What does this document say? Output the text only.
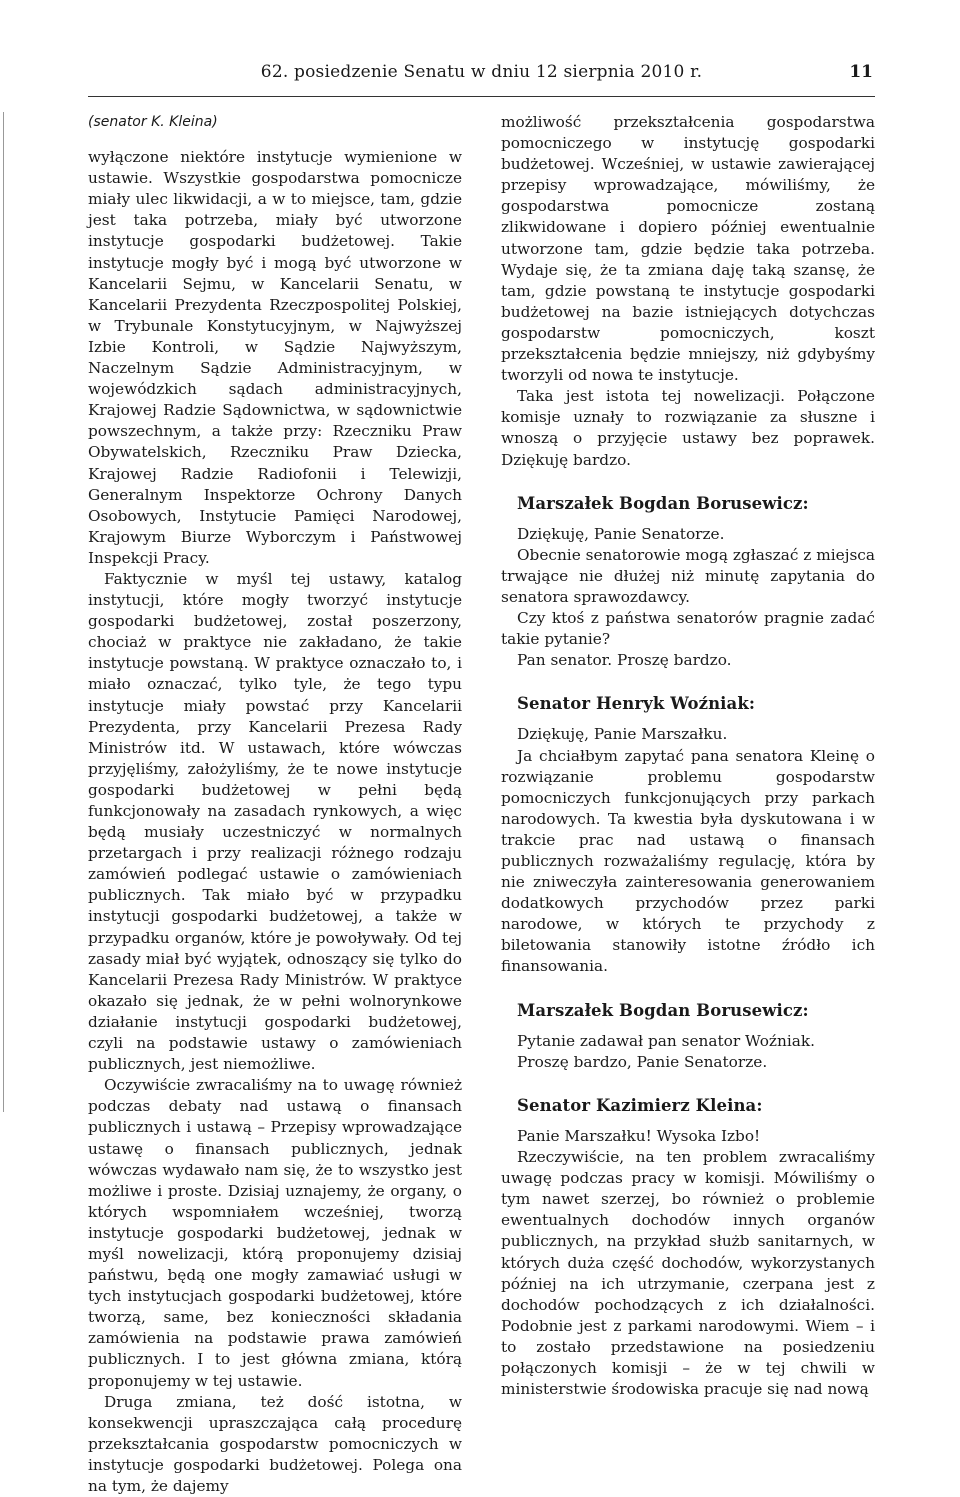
62. posiedzenie Senatu w dniu 12 sierpnia 2010 r.	11

(senator K. Kleina)

wyłączone niektóre instytucje wymienione w ustawie. Wszystkie gospodarstwa pomocnicze miały ulec likwidacji, a w to miejsce, tam, gdzie jest taka potrzeba, miały być utworzone instytucje gospodarki budżetowej. Takie instytucje mogły być i mogą być utworzone w Kancelarii Sejmu, w Kancelarii Senatu, w Kancelarii Prezydenta Rzeczpospolitej Polskiej, w Trybunale Konstytucyjnym, w Najwyższej Izbie Kontroli, w Sądzie Najwyższym, Naczelnym Sądzie Administracyjnym, w wojewódzkich sądach administracyjnych, Krajowej Radzie Sądownictwa, w sądownictwie powszechnym, a także przy: Rzeczniku Praw Obywatelskich, Rzeczniku Praw Dziecka, Krajowej Radzie Radiofonii i Telewizji, Generalnym Inspektorze Ochrony Danych Osobowych, Instytucie Pamięci Narodowej, Krajowym Biurze Wyborczym i Państwowej Inspekcji Pracy.

Faktycznie w myśl tej ustawy, katalog instytucji, które mogły tworzyć instytucje gospodarki budżetowej, został poszerzony, chociaż w praktyce nie zakładano, że takie instytucje powstaną. W praktyce oznaczało to, i miało oznaczać, tylko tyle, że tego typu instytucje miały powstać przy Kancelarii Prezydenta, przy Kancelarii Prezesa Rady Ministrów itd. W ustawach, które wówczas przyjęliśmy, założyliśmy, że te nowe instytucje gospodarki budżetowej w pełni będą funkcjonowały na zasadach rynkowych, a więc będą musiały uczestniczyć w normalnych przetargach i przy realizacji różnego rodzaju zamówień podlegać ustawie o zamówieniach publicznych. Tak miało być w przypadku instytucji gospodarki budżetowej, a także w przypadku organów, które je powoływały. Od tej zasady miał być wyjątek, odnoszący się tylko do Kancelarii Prezesa Rady Ministrów. W praktyce okazało się jednak, że w pełni wolnorynkowe działanie instytucji gospodarki budżetowej, czyli na podstawie ustawy o zamówieniach publicznych, jest niemożliwe.

Oczywiście zwracaliśmy na to uwagę również podczas debaty nad ustawą o finansach publicznych i ustawą – Przepisy wprowadzające ustawę o finansach publicznych, jednak wówczas wydawało nam się, że to wszystko jest możliwe i proste. Dzisiaj uznajemy, że organy, o których wspomniałem wcześniej, tworzą instytucje gospodarki budżetowej, jednak w myśl nowelizacji, którą proponujemy dzisiaj państwu, będą one mogły zamawiać usługi w tych instytucjach gospodarki budżetowej, które tworzą, same, bez konieczności składania zamówienia na podstawie prawa zamówień publicznych. I to jest główna zmiana, którą proponujemy w tej ustawie.

Druga zmiana, też dość istotna, w konsekwencji upraszczająca całą procedurę przekształcania gospodarstw pomocniczych w instytucje gospodarki budżetowej. Polega ona na tym, że dajemy

możliwość przekształcenia gospodarstwa pomocniczego w instytucję gospodarki budżetowej. Wcześniej, w ustawie zawierającej przepisy wprowadzające, mówiliśmy, że gospodarstwa pomocnicze zostaną zlikwidowane i dopiero później ewentualnie utworzone tam, gdzie będzie taka potrzeba. Wydaje się, że ta zmiana daję taką szansę, że tam, gdzie powstaną te instytucje gospodarki budżetowej na bazie istniejących dotychczas gospodarstw pomocniczych, koszt przekształcenia będzie mniejszy, niż gdybyśmy tworzyli od nowa te instytucje.

Taka jest istota tej nowelizacji. Połączone komisje uznały to rozwiązanie za słuszne i wnoszą o przyjęcie ustawy bez poprawek. Dziękuję bardzo.

Marszałek Bogdan Borusewicz:

Dziękuję, Panie Senatorze.

Obecnie senatorowie mogą zgłaszać z miejsca trwające nie dłużej niż minutę zapytania do senatora sprawozdawcy.

Czy ktoś z państwa senatorów pragnie zadać takie pytanie?

Pan senator. Proszę bardzo.

Senator Henryk Woźniak:

Dziękuję, Panie Marszałku.

Ja chciałbym zapytać pana senatora Kleinę o rozwiązanie problemu gospodarstw pomocniczych funkcjonujących przy parkach narodowych. Ta kwestia była dyskutowana i w trakcie prac nad ustawą o finansach publicznych rozważaliśmy regulację, która by nie zniweczyła zainteresowania generowaniem dodatkowych przychodów przez parki narodowe, w których te przychody z biletowania stanowiły istotne źródło ich finansowania.

Marszałek Bogdan Borusewicz:

Pytanie zadawał pan senator Woźniak.

Proszę bardzo, Panie Senatorze.

Senator Kazimierz Kleina:

Panie Marszałku! Wysoka Izbo!

Rzeczywiście, na ten problem zwracaliśmy uwagę podczas pracy w komisji. Mówiliśmy o tym nawet szerzej, bo również o problemie ewentualnych dochodów innych organów publicznych, na przykład służb sanitarnych, w których duża część dochodów, wykorzystanych później na ich utrzymanie, czerpana jest z dochodów pochodzących z ich działalności. Podobnie jest z parkami narodowymi. Wiem – i to zostało przedstawione na posiedzeniu połączonych komisji – że w tej chwili w ministerstwie środowiska pracuje się nad nową
